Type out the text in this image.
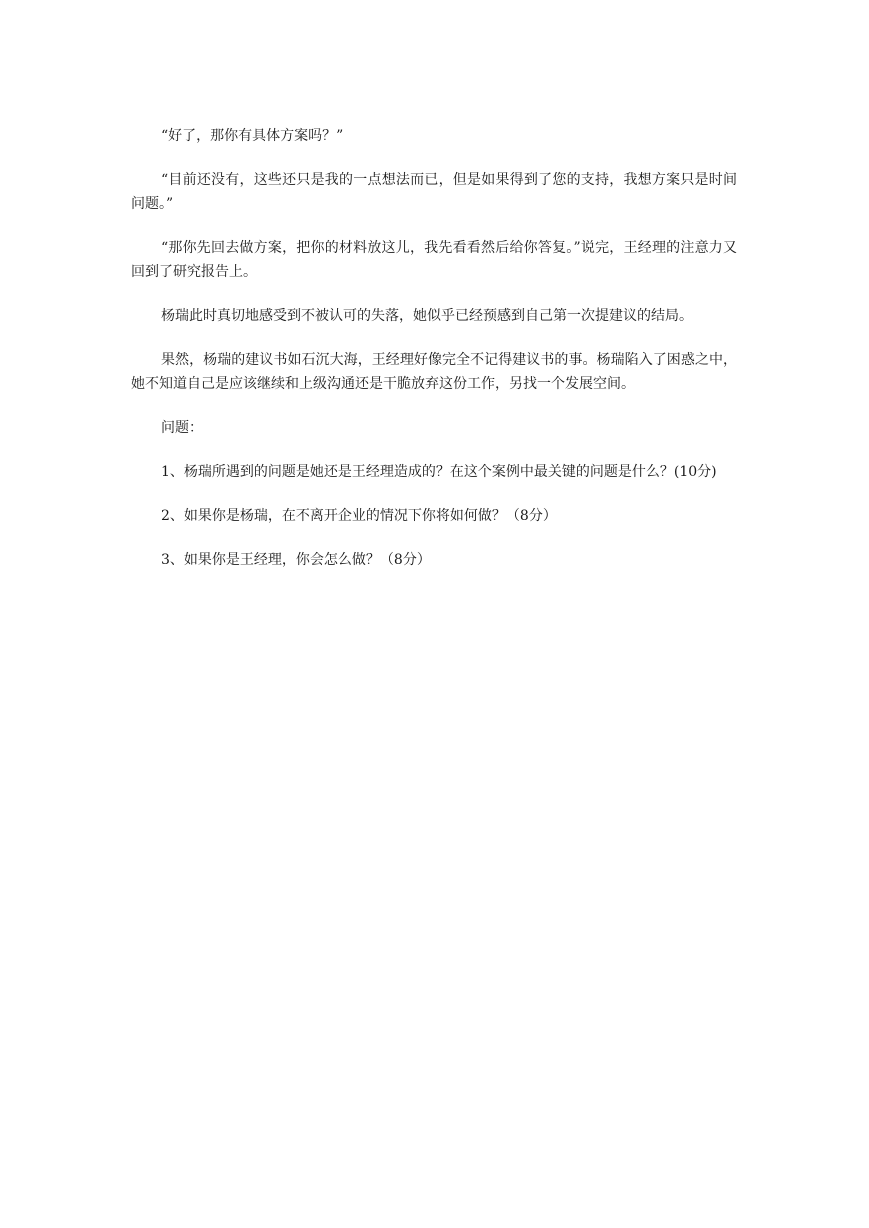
“好了，那你有具体方案吗？”

“目前还没有，这些还只是我的一点想法而已，但是如果得到了您的支持，我想方案只是时间问题。”

“那你先回去做方案，把你的材料放这儿，我先看看然后给你答复。”说完，王经理的注意力又回到了研究报告上。

杨瑞此时真切地感受到不被认可的失落，她似乎已经预感到自己第一次提建议的结局。

果然，杨瑞的建议书如石沉大海，王经理好像完全不记得建议书的事。杨瑞陷入了困惑之中，她不知道自己是应该继续和上级沟通还是干脆放弃这份工作，另找一个发展空间。

问题：

1、杨瑞所遇到的问题是她还是王经理造成的？在这个案例中最关键的问题是什么？(10分)

2、如果你是杨瑞，在不离开企业的情况下你将如何做？（8分）

3、如果你是王经理，你会怎么做？（8分）
